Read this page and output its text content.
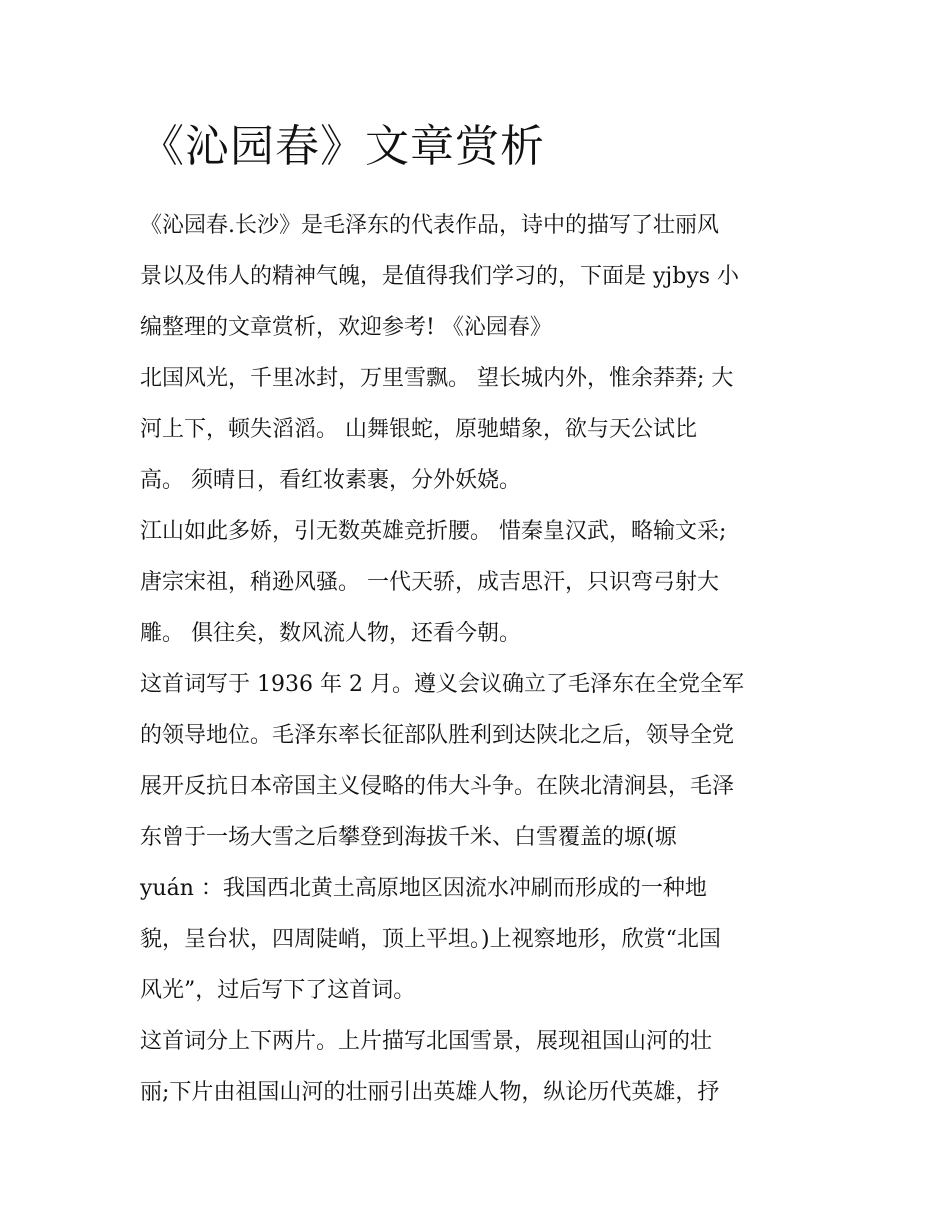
《沁园春》文章赏析
《沁园春.长沙》是毛泽东的代表作品，诗中的描写了壮丽风
景以及伟人的精神气魄，是值得我们学习的，下面是 yjbys 小
编整理的文章赏析，欢迎参考! 《沁园春》
北国风光，千里冰封，万里雪飘。 望长城内外，惟余莽莽; 大
河上下，顿失滔滔。 山舞银蛇，原驰蜡象，欲与天公试比
高。 须晴日，看红妆素裹，分外妖娆。
江山如此多娇，引无数英雄竞折腰。 惜秦皇汉武，略输文采;
唐宗宋祖，稍逊风骚。 一代天骄，成吉思汗，只识弯弓射大
雕。 俱往矣，数风流人物，还看今朝。
这首词写于 1936 年 2 月。遵义会议确立了毛泽东在全党全军
的领导地位。毛泽东率长征部队胜利到达陕北之后，领导全党
展开反抗日本帝国主义侵略的伟大斗争。在陕北清涧县，毛泽
东曾于一场大雪之后攀登到海拔千米、白雪覆盖的塬(塬
yuán ：我国西北黄土高原地区因流水冲刷而形成的一种地
貌，呈台状，四周陡峭，顶上平坦。)上视察地形，欣赏“北国
风光”，过后写下了这首词。
这首词分上下两片。上片描写北国雪景，展现祖国山河的壮
丽;下片由祖国山河的壮丽引出英雄人物，纵论历代英雄，抒
